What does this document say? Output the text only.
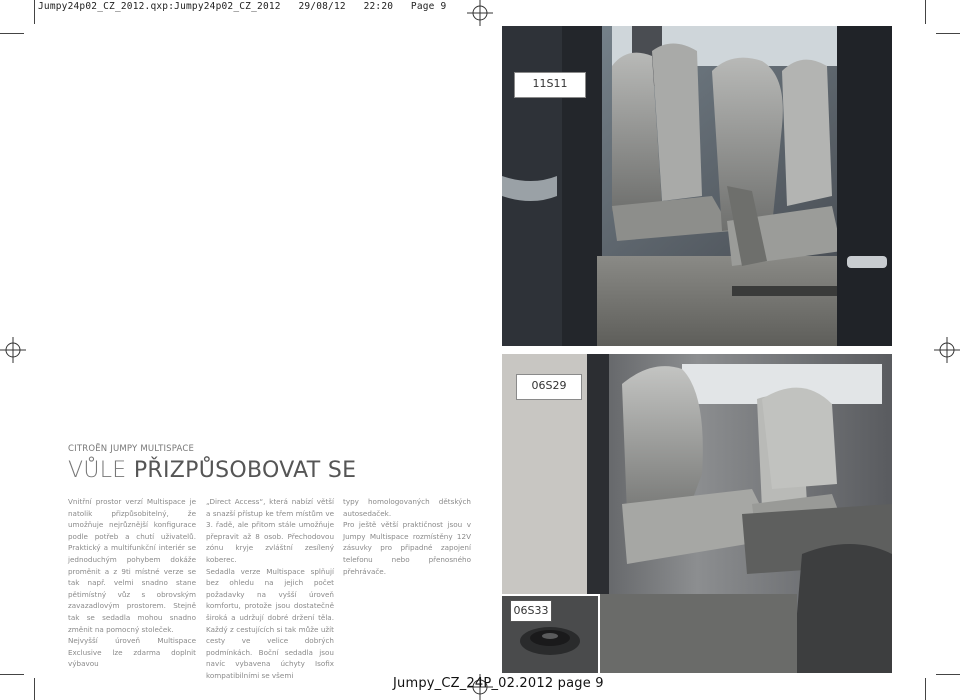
Jumpy24p02_CZ_2012.qxp:Jumpy24p02_CZ_2012   29/08/12   22:20   Page 9
11S11
06S29
06S33
CITROËN JUMPY MULTISPACE
VŮLE PŘIZPŮSOBOVAT SE

Vnitřní prostor verzí Multispace je natolik přizpůsobitelný, že umožňuje nejrůznější konfigurace podle potřeb a chutí uživatelů. Praktický a multifunkční interiér se jednoduchým pohybem dokáže proměnit a z 9ti místné verze se tak např. velmi snadno stane pětimístný vůz s obrovským zavazadlovým prostorem. Stejně tak se sedadla mohou snadno změnit na pomocný stoleček.

Nejvyšší úroveň Multispace Exclusive lze zdarma doplnit výbavou

„Direct Access“, která nabízí větší a snazší přístup ke třem místům ve 3. řadě, ale přitom stále umožňuje přepravit až 8 osob. Přechodovou zónu kryje zvláštní zesílený koberec.

Sedadla verze Multispace splňují bez ohledu na jejich počet požadavky na vyšší úroveň komfortu, protože jsou dostatečně široká a udržují dobré držení těla. Každý z cestujících si tak může užít cesty ve velice dobrých podmínkách. Boční sedadla jsou navíc vybavena úchyty Isofix kompatibilními se všemi

typy homologovaných dětských autosedaček.

Pro ještě větší praktičnost jsou v Jumpy Multispace rozmístěny 12V zásuvky pro připadné zapojení telefonu nebo přenosného přehrávače.

Jumpy_CZ_24P_02.2012 page 9
